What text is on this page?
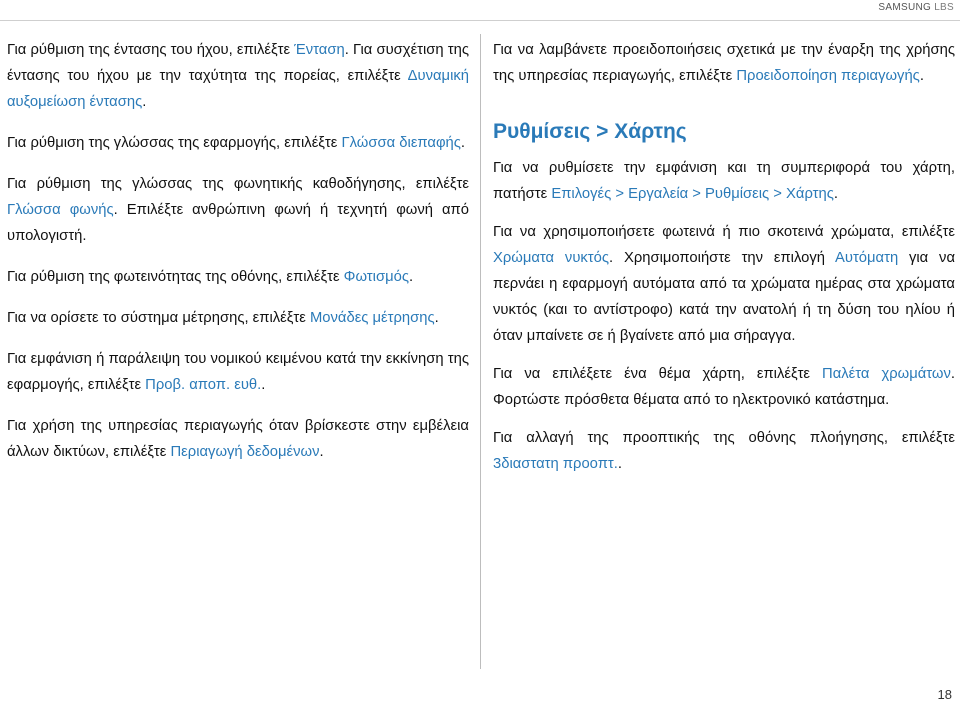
SAMSUNG LBS

Για ρύθμιση της έντασης του ήχου, επιλέξτε Ένταση. Για συσχέτιση της έντασης του ήχου με την ταχύτητα της πορείας, επιλέξτε Δυναμική αυξομείωση έντασης.

Για ρύθμιση της γλώσσας της εφαρμογής, επιλέξτε Γλώσσα διεπαφής.

Για ρύθμιση της γλώσσας της φωνητικής καθοδήγησης, επιλέξτε Γλώσσα φωνής. Επιλέξτε ανθρώπινη φωνή ή τεχνητή φωνή από υπολογιστή.

Για ρύθμιση της φωτεινότητας της οθόνης, επιλέξτε Φωτισμός.

Για να ορίσετε το σύστημα μέτρησης, επιλέξτε Μονάδες μέτρησης.

Για εμφάνιση ή παράλειψη του νομικού κειμένου κατά την εκκίνηση της εφαρμογής, επιλέξτε Προβ. αποπ. ευθ..

Για χρήση της υπηρεσίας περιαγωγής όταν βρίσκεστε στην εμβέλεια άλλων δικτύων, επιλέξτε Περιαγωγή δεδομένων.

Για να λαμβάνετε προειδοποιήσεις σχετικά με την έναρξη της χρήσης της υπηρεσίας περιαγωγής, επιλέξτε Προειδοποίηση περιαγωγής.

Ρυθμίσεις > Χάρτης

Για να ρυθμίσετε την εμφάνιση και τη συμπεριφορά του χάρτη, πατήστε Επιλογές > Εργαλεία > Ρυθμίσεις > Χάρτης.

Για να χρησιμοποιήσετε φωτεινά ή πιο σκοτεινά χρώματα, επιλέξτε Χρώματα νυκτός. Χρησιμοποιήστε την επιλογή Αυτόματη για να περνάει η εφαρμογή αυτόματα από τα χρώματα ημέρας στα χρώματα νυκτός (και το αντίστροφο) κατά την ανατολή ή τη δύση του ηλίου ή όταν μπαίνετε σε ή βγαίνετε από μια σήραγγα.

Για να επιλέξετε ένα θέμα χάρτη, επιλέξτε Παλέτα χρωμάτων. Φορτώστε πρόσθετα θέματα από το ηλεκτρονικό κατάστημα.

Για αλλαγή της προοπτικής της οθόνης πλοήγησης, επιλέξτε 3διαστατη προοπτ..

18
